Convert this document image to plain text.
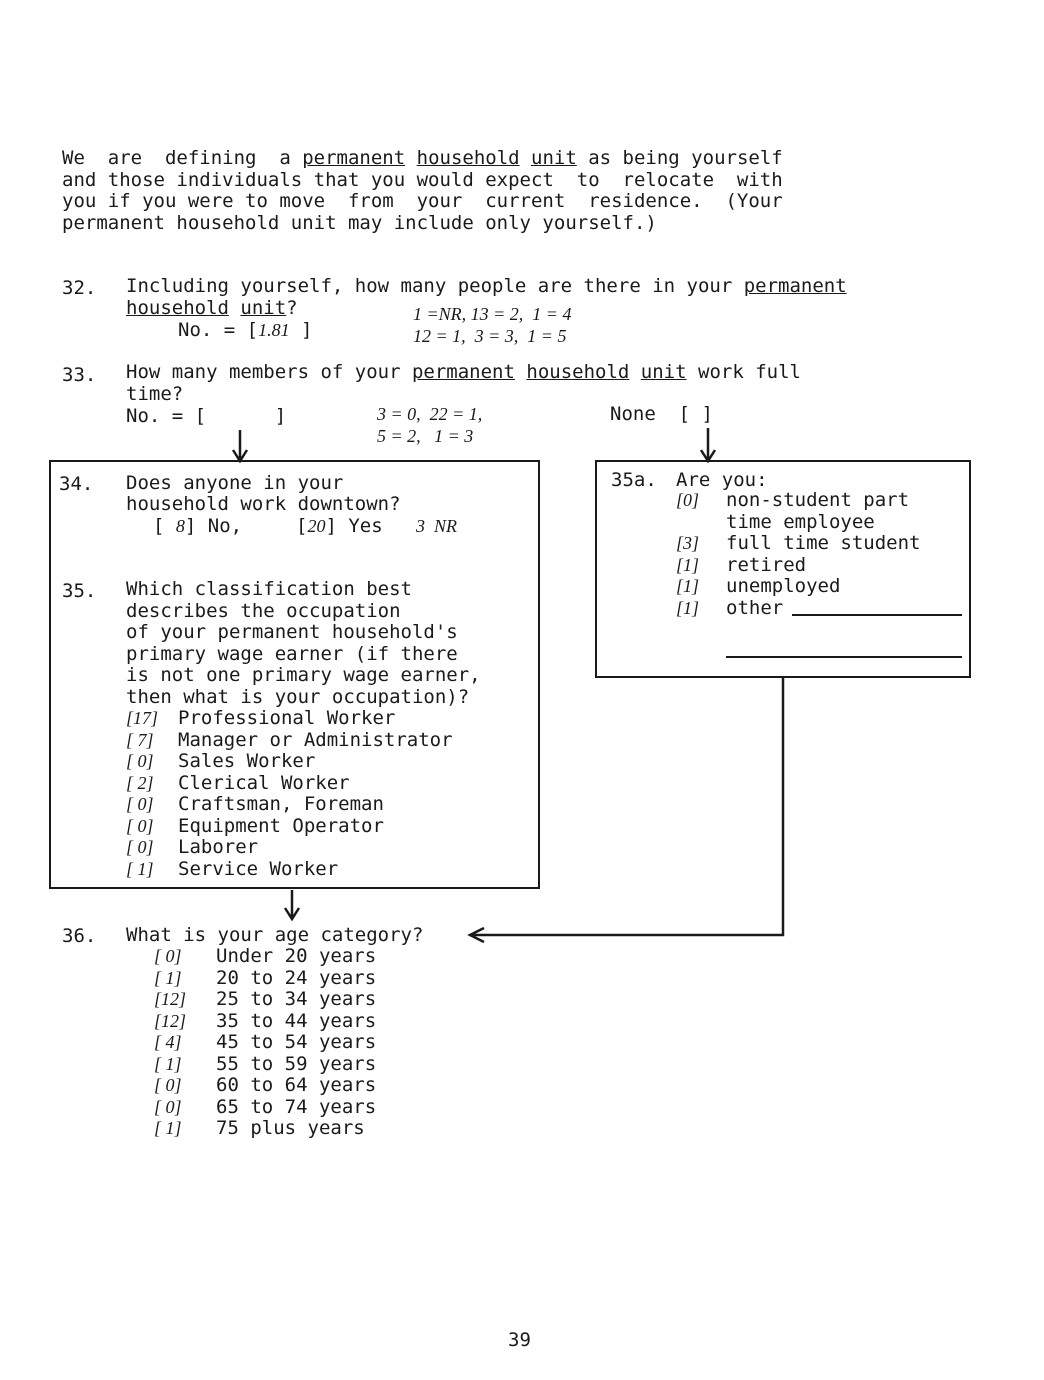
We  are  defining  a permanent household unit as being yourself
and those individuals that you would expect  to  relocate  with
you if you were to move  from  your  current  residence.  (Your
permanent household unit may include only yourself.)
32. Including yourself, how many people are there in your permanent
household unit?
No. = [1.81 ]
1 =NR, 13 = 2,  1 = 4
12 = 1,  3 = 3,  1 = 5
33. How many members of your permanent household unit work full
time?
No. = [      ]	3 = 0,  22 = 1,
5 = 2,   1 = 3
None  [ ]
34. Does anyone in your
household work downtown?
[ 8] No,	[20] Yes 3  NR
35. Which classification best
describes the occupation
of your permanent household's
primary wage earner (if there
is not one primary wage earner,
then what is your occupation)?
[17] Professional Worker
[ 7] Manager or Administrator
[ 0] Sales Worker
[ 2] Clerical Worker
[ 0] Craftsman, Foreman
[ 0] Equipment Operator
[ 0] Laborer
[ 1] Service Worker
35a. Are you:
[0] non-student part
time employee
[3] full time student
[1] retired
[1] unemployed
[1] other
36. What is your age category?
[ 0] Under 20 years
[ 1] 20 to 24 years
[12] 25 to 34 years
[12] 35 to 44 years
[ 4] 45 to 54 years
[ 1] 55 to 59 years
[ 0] 60 to 64 years
[ 0] 65 to 74 years
[ 1] 75 plus years
39
